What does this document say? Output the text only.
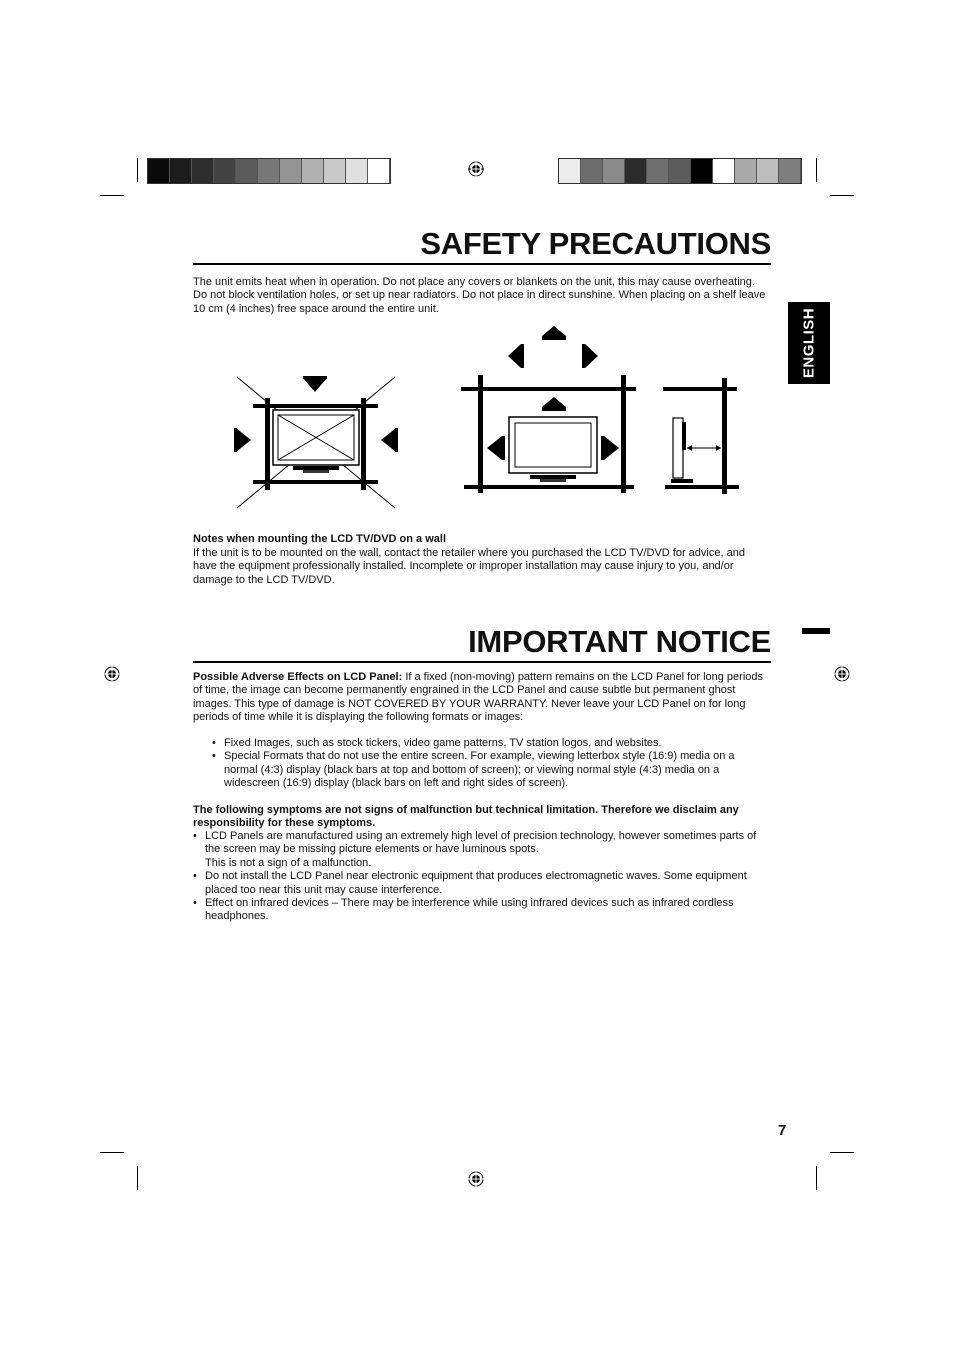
SAFETY PRECAUTIONS

The unit emits heat when in operation. Do not place any covers or blankets on the unit, this may cause overheating. Do not block ventilation holes, or set up near radiators. Do not place in direct sunshine. When placing on a shelf leave 10 cm (4 inches) free space around the entire unit.

Notes when mounting the LCD TV/DVD on a wall

If the unit is to be mounted on the wall, contact the retailer where you purchased the LCD TV/DVD for advice, and have the equipment professionally installed. Incomplete or improper installation may cause injury to you, and/or damage to the LCD TV/DVD.

IMPORTANT NOTICE

Possible Adverse Effects on LCD Panel: If a fixed (non-moving) pattern remains on the LCD Panel for long periods of time, the image can become permanently engrained in the LCD Panel and cause subtle but permanent ghost images. This type of damage is NOT COVERED BY YOUR WARRANTY. Never leave your LCD Panel on for long periods of time while it is displaying the following formats or images:

• Fixed Images, such as stock tickers, video game patterns, TV station logos, and websites.
• Special Formats that do not use the entire screen. For example, viewing letterbox style (16:9) media on a normal (4:3) display (black bars at top and bottom of screen); or viewing normal style (4:3) media on a widescreen (16:9) display (black bars on left and right sides of screen).

The following symptoms are not signs of malfunction but technical limitation. Therefore we disclaim any responsibility for these symptoms.

• LCD Panels are manufactured using an extremely high level of precision technology, however sometimes parts of the screen may be missing picture elements or have luminous spots.
This is not a sign of a malfunction.
• Do not install the LCD Panel near electronic equipment that produces electromagnetic waves. Some equipment placed too near this unit may cause interference.
• Effect on infrared devices – There may be interference while using infrared devices such as infrared cordless headphones.
ENGLISH
7
